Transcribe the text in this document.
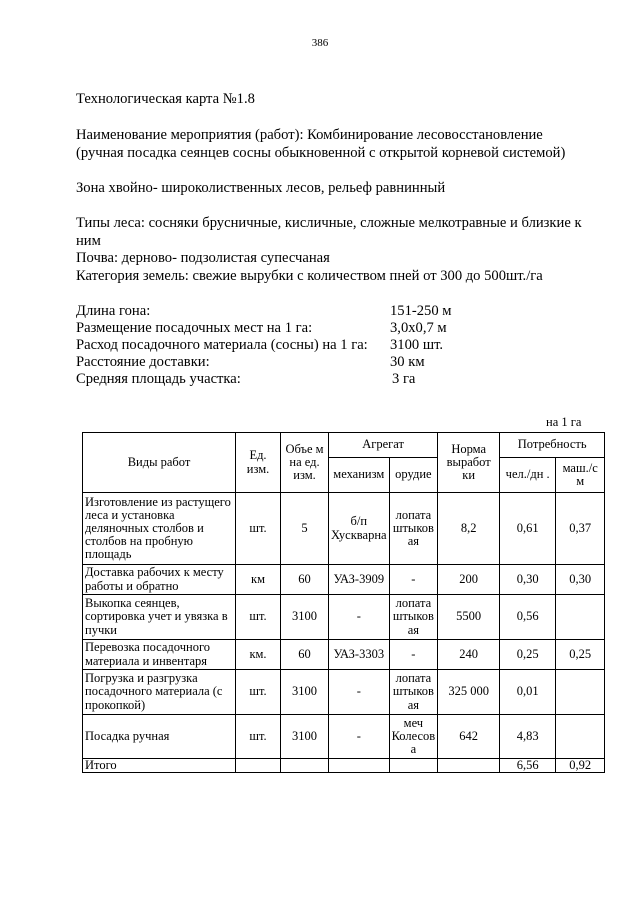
386
Технологическая карта №1.8
Наименование мероприятия (работ): Комбинирование лесовосстановление
(ручная посадка сеянцев сосны обыкновенной с открытой корневой системой)
Зона хвойно- широколиственных лесов, рельеф равнинный
Типы леса: сосняки брусничные, кисличные, сложные мелкотравные и близкие к
ним
Почва: дерново- подзолистая супесчаная
Категория земель: свежие вырубки с количеством пней от 300 до 500шт./га
Длина гона:	151-250 м
Размещение посадочных мест на 1 га:	3,0х0,7 м
Расход посадочного материала (сосны) на 1 га: 3100 шт.
Расстояние доставки:	30 км
Средняя площадь участка:	3 га
на 1 га
Виды работ	Ед. изм.	Объе м на ед. изм.	Агрегат		Норма выработ ки	Потребность	
			механизм	орудие		чел./дн .	маш./с м
Изготовление из растущего леса и установка деляночных столбов и столбов на пробную площадь	шт.	5	б/п Хускварна	лопата штыков ая	8,2	0,61	0,37
Доставка рабочих к месту работы и обратно	км	60	УАЗ-3909	-	200	0,30	0,30
Выкопка сеянцев, сортировка учет и увязка в пучки	шт.	3100	-	лопата штыков ая	5500	0,56	
Перевозка посадочного материала и инвентаря	км.	60	УАЗ-3303	-	240	0,25	0,25
Погрузка и разгрузка посадочного материала (с прокопкой)	шт.	3100	-	лопата штыков ая	325 000	0,01	
Посадка ручная	шт.	3100	-	меч Колесов а	642	4,83	
Итого						6,56	0,92
